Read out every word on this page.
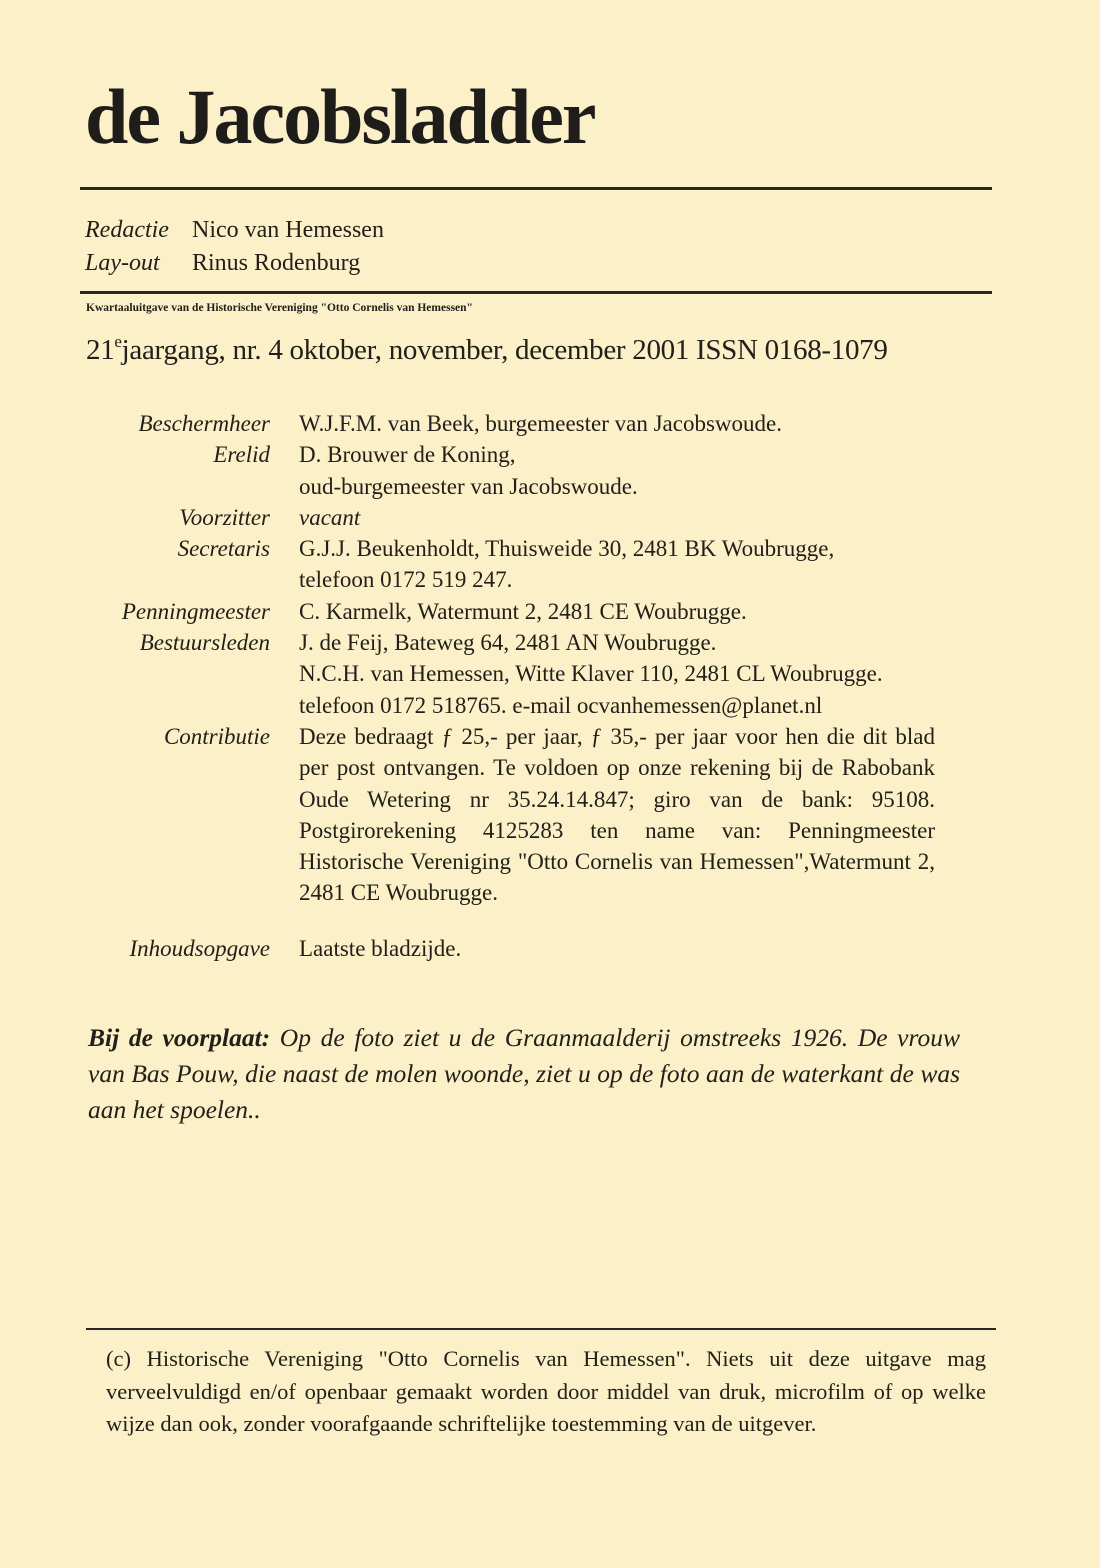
de Jacobsladder
Redactie Nico van Hemessen
Lay-out Rinus Rodenburg
Kwartaaluitgave van de Historische Vereniging "Otto Cornelis van Hemessen"
21ejaargang, nr. 4 oktober, november, december 2001 ISSN 0168-1079
Beschermheer W.J.F.M. van Beek, burgemeester van Jacobswoude.
Erelid D. Brouwer de Koning,
oud-burgemeester van Jacobswoude.
Voorzitter vacant
Secretaris G.J.J. Beukenholdt, Thuisweide 30, 2481 BK Woubrugge,
telefoon 0172 519 247.
Penningmeester C. Karmelk, Watermunt 2, 2481 CE Woubrugge.
Bestuursleden J. de Feij, Bateweg 64, 2481 AN Woubrugge.
N.C.H. van Hemessen, Witte Klaver 110, 2481 CL Woubrugge.
telefoon 0172 518765. e-mail ocvanhemessen@planet.nl
Contributie Deze bedraagt ƒ 25,- per jaar, ƒ 35,- per jaar voor hen die dit blad per post ontvangen. Te voldoen op onze rekening bij de Rabobank Oude Wetering nr 35.24.14.847; giro van de bank: 95108. Postgirorekening 4125283 ten name van: Penningmeester Historische Vereniging "Otto Cornelis van Hemessen",Watermunt 2, 2481 CE Woubrugge.
Inhoudsopgave Laatste bladzijde.
Bij de voorplaat: Op de foto ziet u de Graanmaalderij omstreeks 1926. De vrouw van Bas Pouw, die naast de molen woonde, ziet u op de foto aan de waterkant de was aan het spoelen..
(c) Historische Vereniging "Otto Cornelis van Hemessen". Niets uit deze uitgave mag verveelvuldigd en/of openbaar gemaakt worden door middel van druk, microfilm of op welke wijze dan ook, zonder voorafgaande schriftelijke toestemming van de uitgever.
